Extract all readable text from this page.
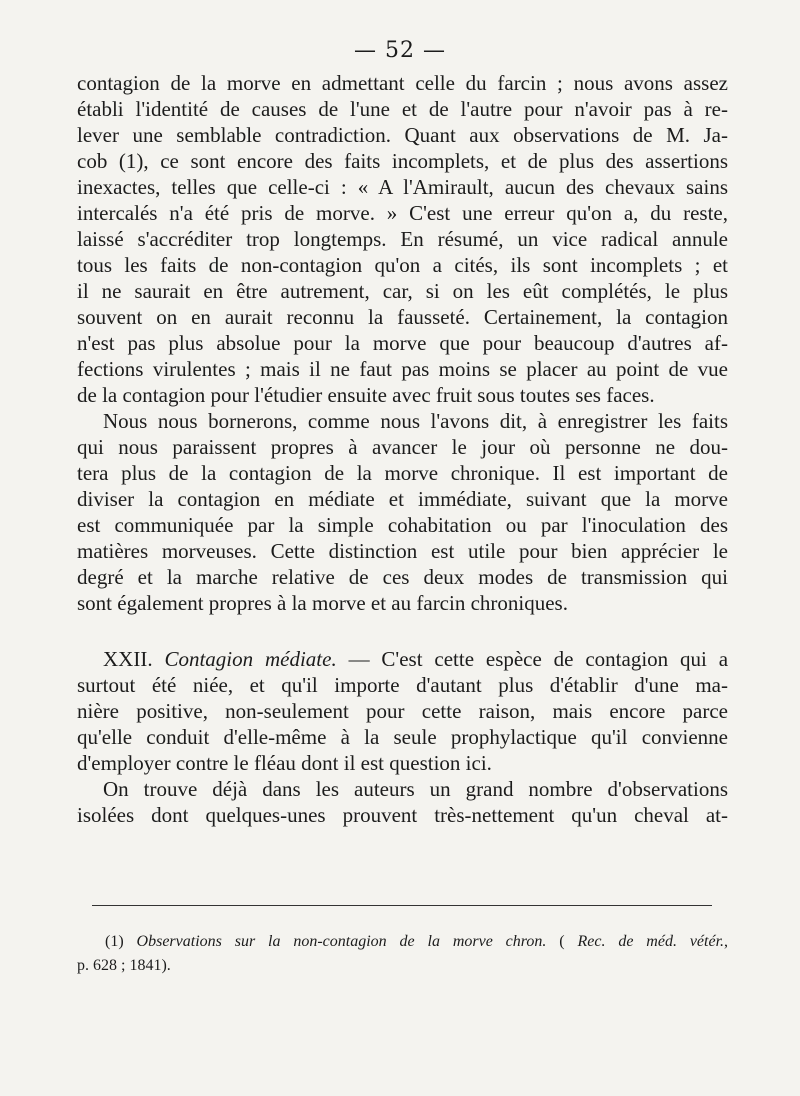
— 52 —
contagion de la morve en admettant celle du farcin ; nous avons assez
établi l'identité de causes de l'une et de l'autre pour n'avoir pas à re-
lever une semblable contradiction. Quant aux observations de M. Ja-
cob (1), ce sont encore des faits incomplets, et de plus des assertions
inexactes, telles que celle-ci : « A l'Amirault, aucun des chevaux sains
intercalés n'a été pris de morve. » C'est une erreur qu'on a, du reste,
laissé s'accréditer trop longtemps. En résumé, un vice radical annule
tous les faits de non-contagion qu'on a cités, ils sont incomplets ; et
il ne saurait en être autrement, car, si on les eût complétés, le plus
souvent on en aurait reconnu la fausseté. Certainement, la contagion
n'est pas plus absolue pour la morve que pour beaucoup d'autres af-
fections virulentes ; mais il ne faut pas moins se placer au point de vue
de la contagion pour l'étudier ensuite avec fruit sous toutes ses faces.
Nous nous bornerons, comme nous l'avons dit, à enregistrer les faits
qui nous paraissent propres à avancer le jour où personne ne dou-
tera plus de la contagion de la morve chronique. Il est important de
diviser la contagion en médiate et immédiate, suivant que la morve
est communiquée par la simple cohabitation ou par l'inoculation des
matières morveuses. Cette distinction est utile pour bien apprécier le
degré et la marche relative de ces deux modes de transmission qui
sont également propres à la morve et au farcin chroniques.
XXII. Contagion médiate. — C'est cette espèce de contagion qui a
surtout été niée, et qu'il importe d'autant plus d'établir d'une ma-
nière positive, non-seulement pour cette raison, mais encore parce
qu'elle conduit d'elle-même à la seule prophylactique qu'il convienne
d'employer contre le fléau dont il est question ici.
On trouve déjà dans les auteurs un grand nombre d'observations
isolées dont quelques-unes prouvent très-nettement qu'un cheval at-
(1) Observations sur la non-contagion de la morve chron. ( Rec. de méd. vétér.,
p. 628 ; 1841).
